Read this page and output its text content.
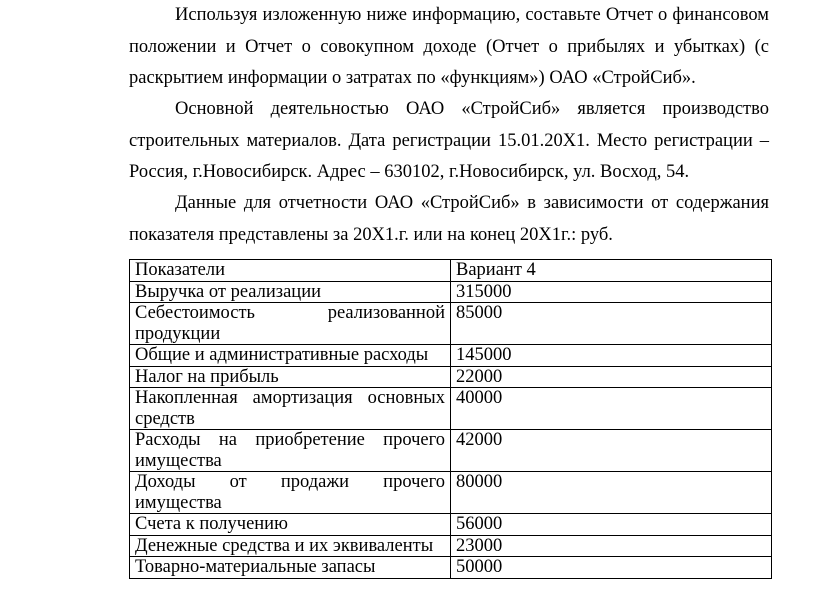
Используя изложенную ниже информацию, составьте Отчет о финансовом положении и Отчет о совокупном доходе (Отчет о прибылях и убытках) (с раскрытием информации о затратах по «функциям») ОАО «СтройСиб».

Основной деятельностью ОАО «СтройСиб» является производство строительных материалов. Дата регистрации 15.01.20Х1. Место регистрации – Россия, г.Новосибирск. Адрес – 630102, г.Новосибирск, ул. Восход, 54.

Данные для отчетности ОАО «СтройСиб» в зависимости от содержания показателя представлены за 20Х1.г. или на конец 20Х1г.: руб.

Показатели	Вариант 4
Выручка от реализации	315000
Себестоимость реализованной продукции	85000
Общие и административные расходы	145000
Налог на прибыль	22000
Накопленная амортизация основных средств	40000
Расходы на приобретение прочего имущества	42000
Доходы от продажи прочего имущества	80000
Счета к получению	56000
Денежные средства и их эквиваленты	23000
Товарно-материальные запасы	50000
